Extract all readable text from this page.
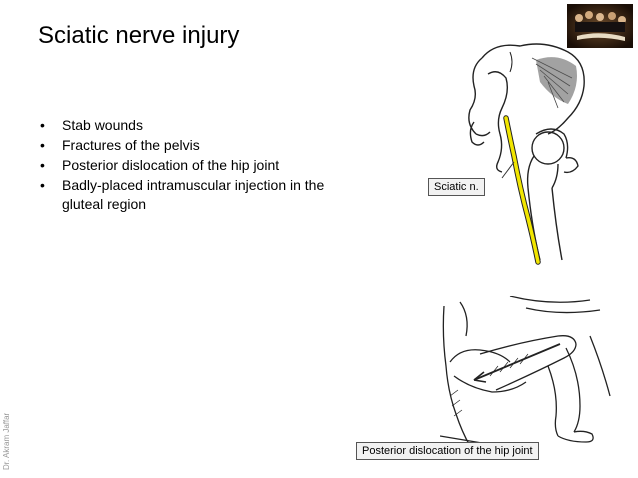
Sciatic nerve injury
• Stab wounds
• Fractures of the pelvis
• Posterior dislocation of the hip joint
• Badly-placed intramuscular injection in the gluteal region
Sciatic n.
Posterior dislocation of the hip joint
Dr. Akram Jaffar
